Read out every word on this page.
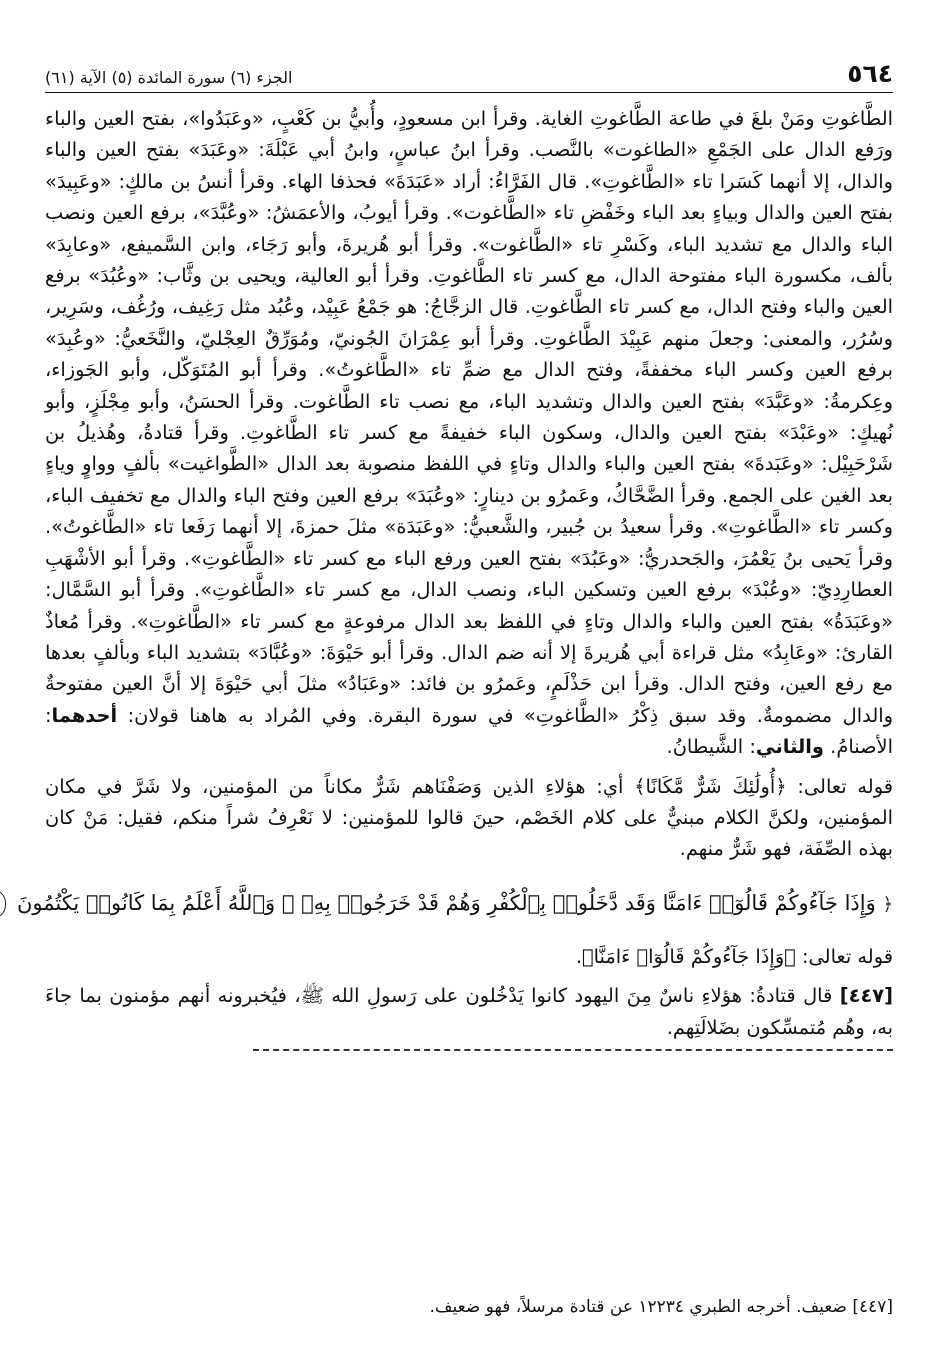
٥٦٤
الجزء (٦) سورة المائدة (٥) الآية (٦١)

الطَّاغوتِ ومَنْ بلغَ في طاعة الطَّاغوتِ الغاية. وقرأ ابن مسعودٍ، وأُبيُّ بن كَعْبٍ، «وعَبَدُوا»، بفتح العين والباء ورَفع الدال على الجَمْعِ «الطاغوت» بالنَّصب. وقرأ ابنُ عباسٍ، وابنُ أبي عَبْلَةَ: «وعَبَدَ» بفتح العين والباء والدال، إلا أنهما كَسَرا تاء «الطَّاغوتِ». قال الفَرَّاءُ: أراد «عَبَدَةَ» فحذفا الهاء. وقرأ أنسُ بن مالكٍ: «وعَبِيدَ» بفتح العين والدال وبياءٍ بعد الباء وخَفْضِ تاء «الطَّاغوت». وقرأ أيوبُ، والأعمَشُ: «وعُبَّدَ»، برفع العين ونصب الباء والدال مع تشديد الباء، وكَسْرِ تاء «الطَّاغوت». وقرأ أبو هُريرةَ، وأبو رَجَاء، وابن السَّميفع، «وعابِدَ» بألف، مكسورة الباء مفتوحة الدال، مع كسر تاء الطَّاغوتِ. وقرأ أبو العالية، ويحيى بن وثَّاب: «وعُبُدَ» برفع العين والباء وفتح الدال، مع كسر تاء الطَّاغوتِ. قال الزجَّاجُ: هو جَمْعُ عَبِيْد، وعُبُد مثل رَغِيف، ورُغُف، وسَرِير، وسُرُر، والمعنى: وجعلَ منهم عَبِيْدَ الطَّاغوتِ. وقرأ أبو عِمْرَانَ الجُونيّ، ومُوَرِّقٌ العِجْليّ، والنَّخَعيُّ: «وعُبِدَ» برفع العين وكسر الباء مخففةً، وفتح الدال مع ضمِّ تاء «الطَّاغوتُ». وقرأ أبو المُتَوَكّل، وأبو الجَوزاء، وعِكرمةُ: «وعَبَّدَ» بفتح العين والدال وتشديد الباء، مع نصب تاء الطَّاغوت. وقرأ الحسَنُ، وأبو مِجْلَزٍ، وأبو نُهيكٍ: «وعَبْدَ» بفتح العين والدال، وسكون الباء خفيفةً مع كسر تاء الطَّاغوتِ. وقرأ قتادةُ، وهُذيلُ بن شَرْحَبِيْل: «وعَبَدةَ» بفتح العين والباء والدال وتاءٍ في اللفظ منصوبة بعد الدال «الطَّواغيت» بألفٍ وواوٍ وياءٍ بعد الغين على الجمع. وقرأ الضَّحَّاكُ، وعَمرُو بن دينارٍ: «وعُبَدَ» برفع العين وفتح الباء والدال مع تخفيف الباء، وكسر تاء «الطَّاغوتِ». وقرأ سعيدُ بن جُبير، والشَّعبيُّ: «وعَبَدَة» مثلَ حمزةَ، إلا أنهما رَفَعا تاء «الطَّاغوتُ». وقرأ يَحيى بنُ يَعْمُرَ، والجَحدريُّ: «وعَبُدَ» بفتح العين ورفع الباء مع كسر تاء «الطَّاغوتِ». وقرأ أبو الأشْهَبِ العطارِدِيّ: «وعُبْدَ» برفع العين وتسكين الباء، ونصب الدال، مع كسر تاء «الطَّاغوتِ». وقرأ أبو السَّمَّال: «وعَبَدَةُ» بفتح العين والباء والدال وتاءٍ في اللفظ بعد الدال مرفوعةٍ مع كسر تاء «الطَّاغوتِ». وقرأ مُعاذٌ القارئ: «وعَابِدُ» مثل قراءة أبي هُريرةَ إلا أنه ضم الدال. وقرأ أبو حَيْوَةَ: «وعُبَّادَ» بتشديد الباء وبألفٍ بعدها مع رفع العين، وفتح الدال. وقرأ ابن حَذْلَمٍ، وعَمرُو بن فائد: «وعَبَادُ» مثلَ أبي حَيْوَةَ إلا أنَّ العين مفتوحةٌ والدال مضمومةٌ. وقد سبق ذِكْرُ «الطَّاغوتِ» في سورة البقرة. وفي المُراد به هاهنا قولان: أحدهما: الأصنامُ. والثاني: الشَّيطانُ.

قوله تعالى: ﴿أُولَٰئِكَ شَرٌّ مَّكَانًا﴾ أي: هؤلاءِ الذين وَصَفْنَاهم شَرٌّ مكاناً من المؤمنين، ولا شَرَّ في مكان المؤمنين، ولكنَّ الكلام مبنيٌّ على كلام الخَصْم، حينَ قالوا للمؤمنين: لا نَعْرِفُ شراً منكم، فقيل: مَنْ كان بهذه الصِّفَة، فهو شَرٌّ منهم.

﴿ وَإِذَا جَآءُوكُمْ قَالُوٓا۟ ءَامَنَّا وَقَد دَّخَلُوا۟ بِٱلْكُفْرِ وَهُمْ قَدْ خَرَجُوا۟ بِهِۦ ۚ وَٱللَّهُ أَعْلَمُ بِمَا كَانُوا۟ يَكْتُمُونَ

قوله تعالى: ﴿وَإِذَا جَآءُوكُمْ قَالُوٓا۟ ءَامَنَّا﴾.

[٤٤٧] قال قتادةُ: هؤلاءِ ناسٌ مِنَ اليهود كانوا يَدْخُلون على رَسولِ الله ﷺ، فيُخبرونه أنهم مؤمنون بما جاءَ به، وهُم مُتمسِّكون بضَلالَتِهم.

[٤٤٧] ضعيف. أخرجه الطبري ١٢٢٣٤ عن قتادة مرسلاً، فهو ضعيف.
